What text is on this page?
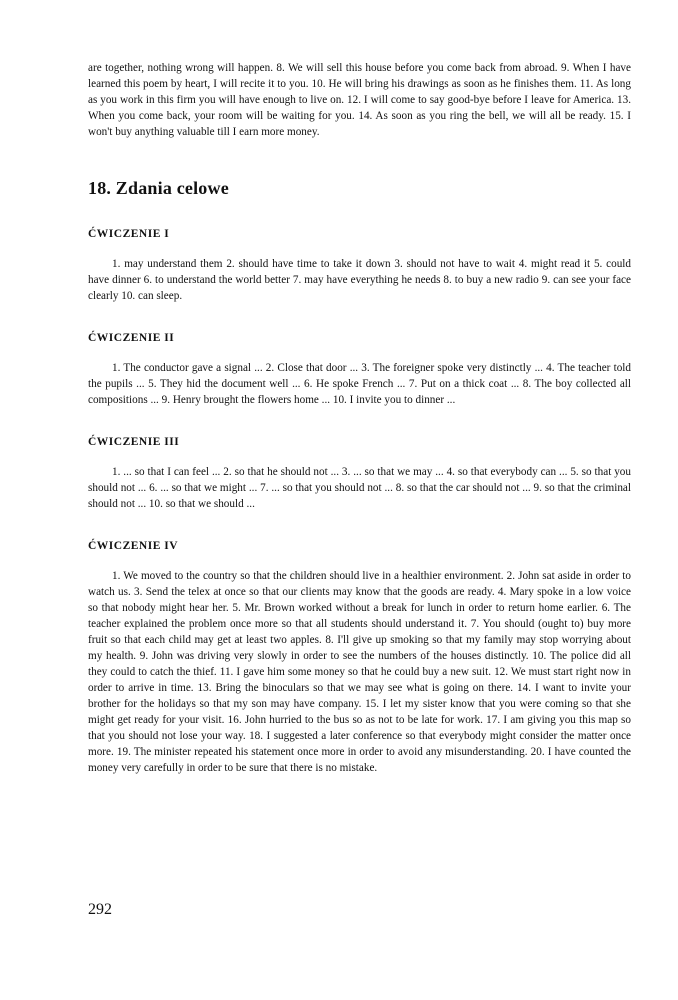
are together, nothing wrong will happen. 8. We will sell this house before you come back from abroad. 9. When I have learned this poem by heart, I will recite it to you. 10. He will bring his drawings as soon as he finishes them. 11. As long as you work in this firm you will have enough to live on. 12. I will come to say good-bye before I leave for America. 13. When you come back, your room will be waiting for you. 14. As soon as you ring the bell, we will all be ready. 15. I won't buy anything valuable till I earn more money.

18. Zdania celowe
ĆWICZENIE I

1. may understand them 2. should have time to take it down 3. should not have to wait 4. might read it 5. could have dinner 6. to understand the world better 7. may have everything he needs 8. to buy a new radio 9. can see your face clearly 10. can sleep.

ĆWICZENIE II

1. The conductor gave a signal ... 2. Close that door ... 3. The foreigner spoke very distinctly ... 4. The teacher told the pupils ... 5. They hid the document well ... 6. He spoke French ... 7. Put on a thick coat ... 8. The boy collected all compositions ... 9. Henry brought the flowers home ... 10. I invite you to dinner ...

ĆWICZENIE III

1. ... so that I can feel ... 2. so that he should not ... 3. ... so that we may ... 4. so that everybody can ... 5. so that you should not ... 6. ... so that we might ... 7. ... so that you should not ... 8. so that the car should not ... 9. so that the criminal should not ... 10. so that we should ...

ĆWICZENIE IV

1. We moved to the country so that the children should live in a healthier environment. 2. John sat aside in order to watch us. 3. Send the telex at once so that our clients may know that the goods are ready. 4. Mary spoke in a low voice so that nobody might hear her. 5. Mr. Brown worked without a break for lunch in order to return home earlier. 6. The teacher explained the problem once more so that all students should understand it. 7. You should (ought to) buy more fruit so that each child may get at least two apples. 8. I'll give up smoking so that my family may stop worrying about my health. 9. John was driving very slowly in order to see the numbers of the houses distinctly. 10. The police did all they could to catch the thief. 11. I gave him some money so that he could buy a new suit. 12. We must start right now in order to arrive in time. 13. Bring the binoculars so that we may see what is going on there. 14. I want to invite your brother for the holidays so that my son may have company. 15. I let my sister know that you were coming so that she might get ready for your visit. 16. John hurried to the bus so as not to be late for work. 17. I am giving you this map so that you should not lose your way. 18. I suggested a later conference so that everybody might consider the matter once more. 19. The minister repeated his statement once more in order to avoid any misunderstanding. 20. I have counted the money very carefully in order to be sure that there is no mistake.

292
